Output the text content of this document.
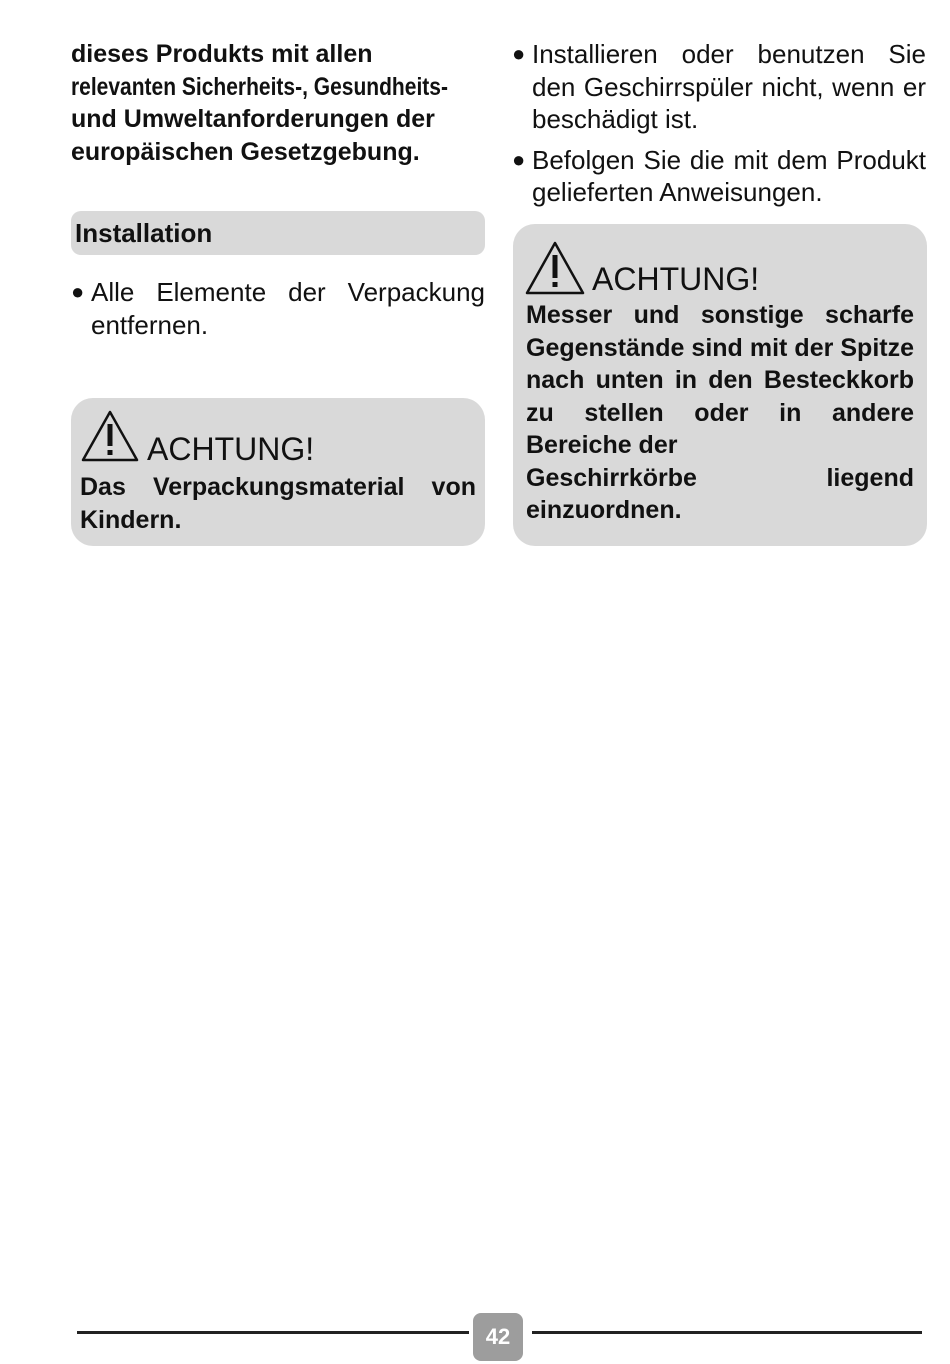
dieses Produkts mit allen
relevanten Sicherheits-, Gesundheits-
und Umweltanforderungen der
europäischen Gesetzgebung.

Installation
● Alle Elemente der Verpackung entfernen.
ACHTUNG!
Das Verpackungsmaterial von Kindern.
● Installieren oder benutzen Sie den Geschirrspüler nicht, wenn er beschädigt ist.
● Befolgen Sie die mit dem Produkt gelieferten Anweisungen.
ACHTUNG!
Messer und sonstige scharfe Gegenstände sind mit der Spitze nach unten in den Besteckkorb zu stellen oder in andere Bereiche der
Geschirrkörbe	liegend
einzuordnen.
42
